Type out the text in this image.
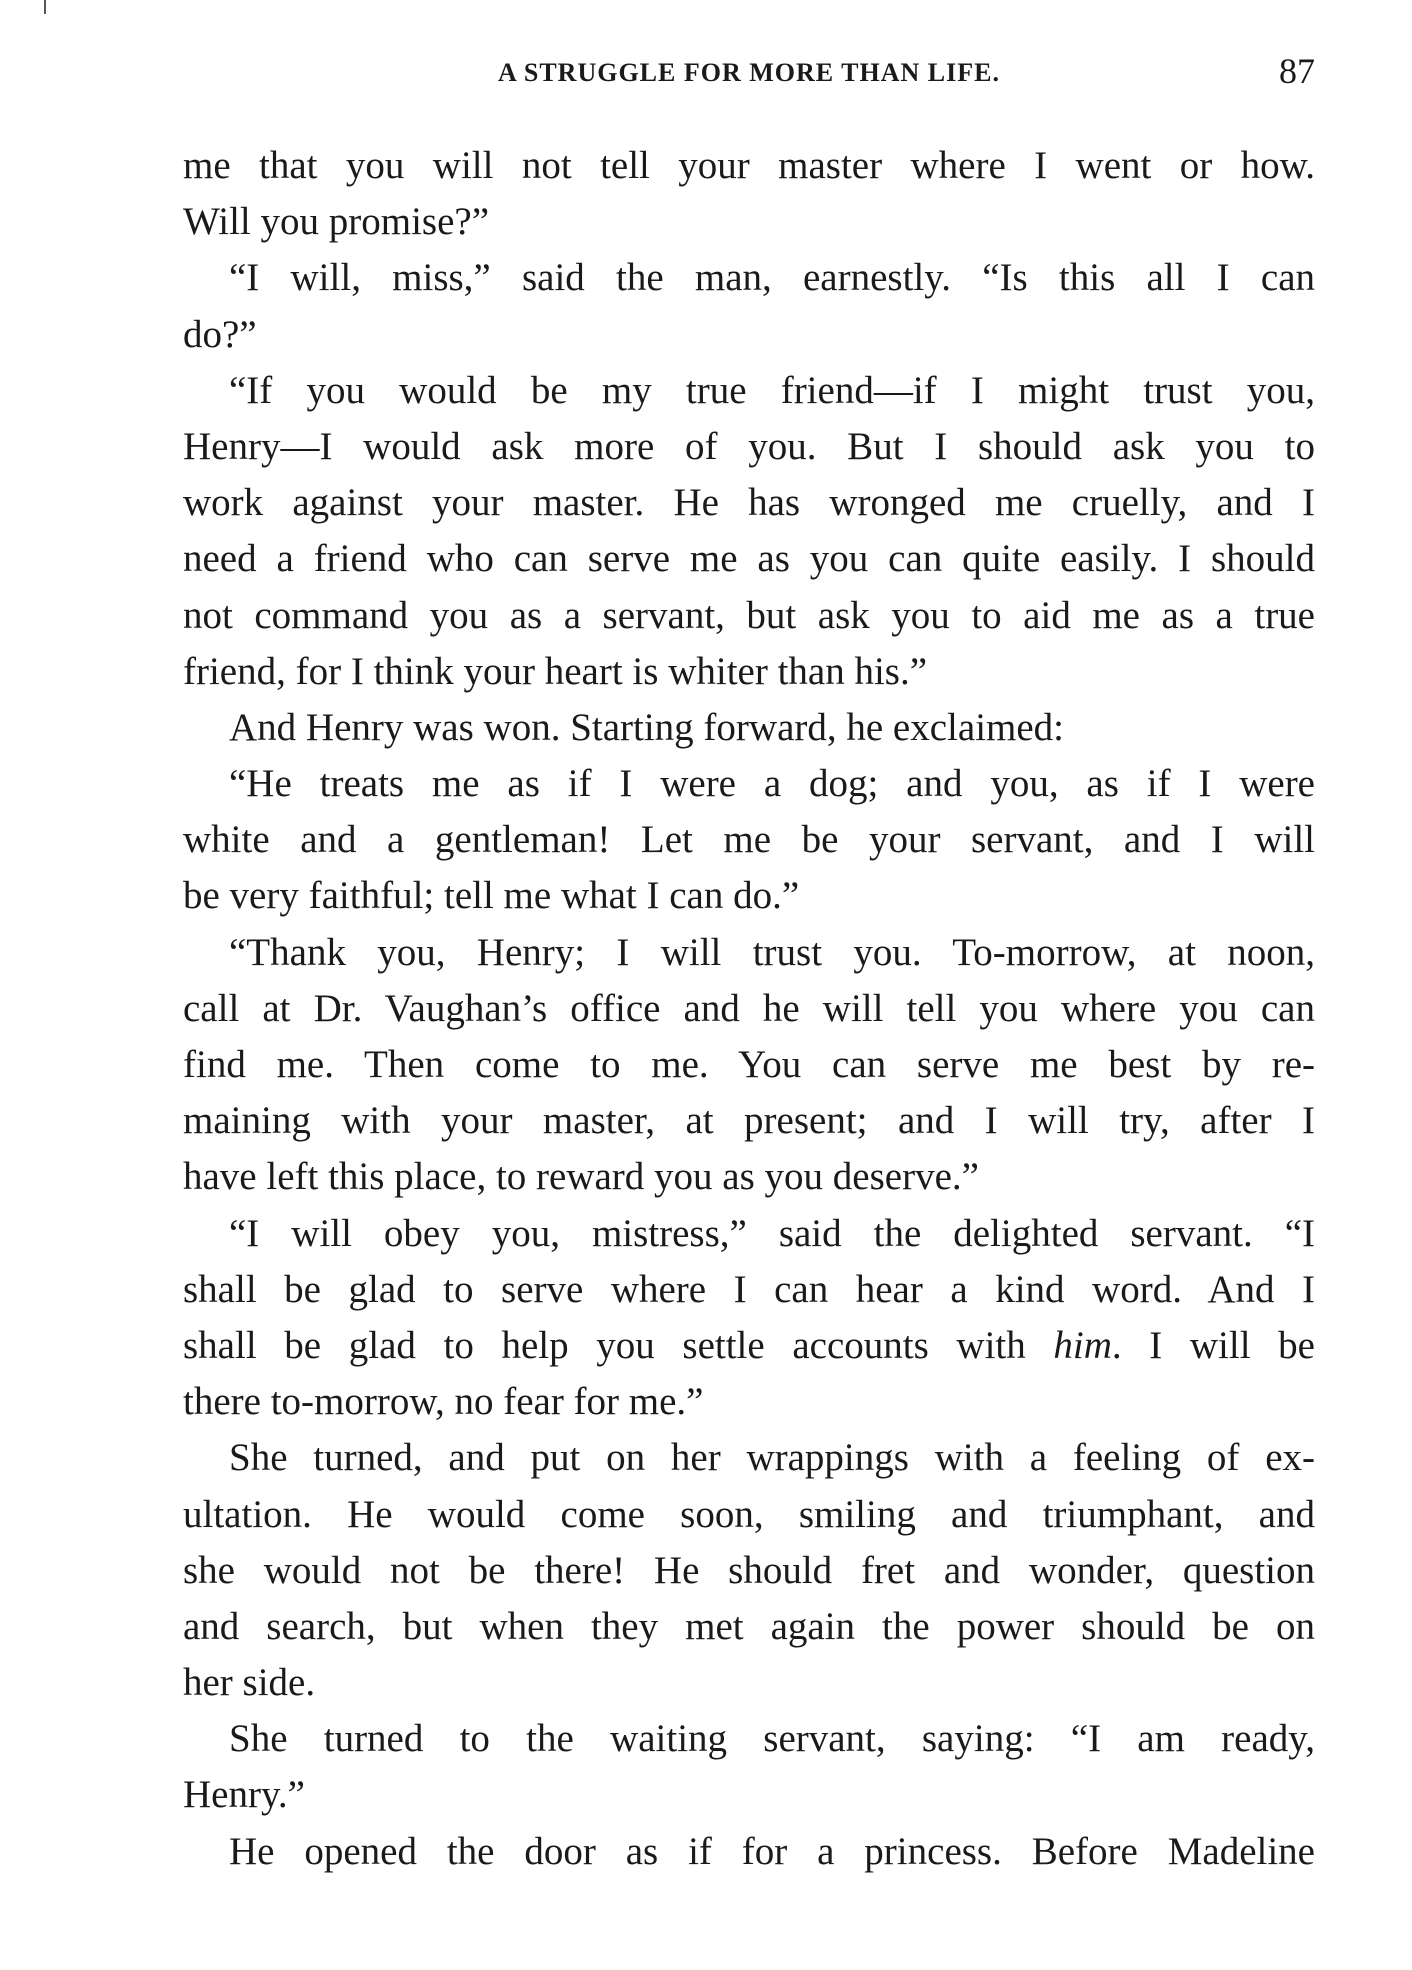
A STRUGGLE FOR MORE THAN LIFE.	87
me that you will not tell your master where I went or how.
Will you promise?”
“I will, miss,” said the man, earnestly. “Is this all I can
do?”
“If you would be my true friend—if I might trust you,
Henry—I would ask more of you. But I should ask you to
work against your master. He has wronged me cruelly, and I
need a friend who can serve me as you can quite easily. I should
not command you as a servant, but ask you to aid me as a true
friend, for I think your heart is whiter than his.”
And Henry was won. Starting forward, he exclaimed:
“He treats me as if I were a dog; and you, as if I were
white and a gentleman! Let me be your servant, and I will
be very faithful; tell me what I can do.”
“Thank you, Henry; I will trust you. To-morrow, at noon,
call at Dr. Vaughan’s office and he will tell you where you can
find me. Then come to me. You can serve me best by re-
maining with your master, at present; and I will try, after I
have left this place, to reward you as you deserve.”
“I will obey you, mistress,” said the delighted servant. “I
shall be glad to serve where I can hear a kind word. And I
shall be glad to help you settle accounts with him. I will be
there to-morrow, no fear for me.”
She turned, and put on her wrappings with a feeling of ex-
ultation. He would come soon, smiling and triumphant, and
she would not be there! He should fret and wonder, question
and search, but when they met again the power should be on
her side.
She turned to the waiting servant, saying: “I am ready,
Henry.”
He opened the door as if for a princess. Before Madeline
